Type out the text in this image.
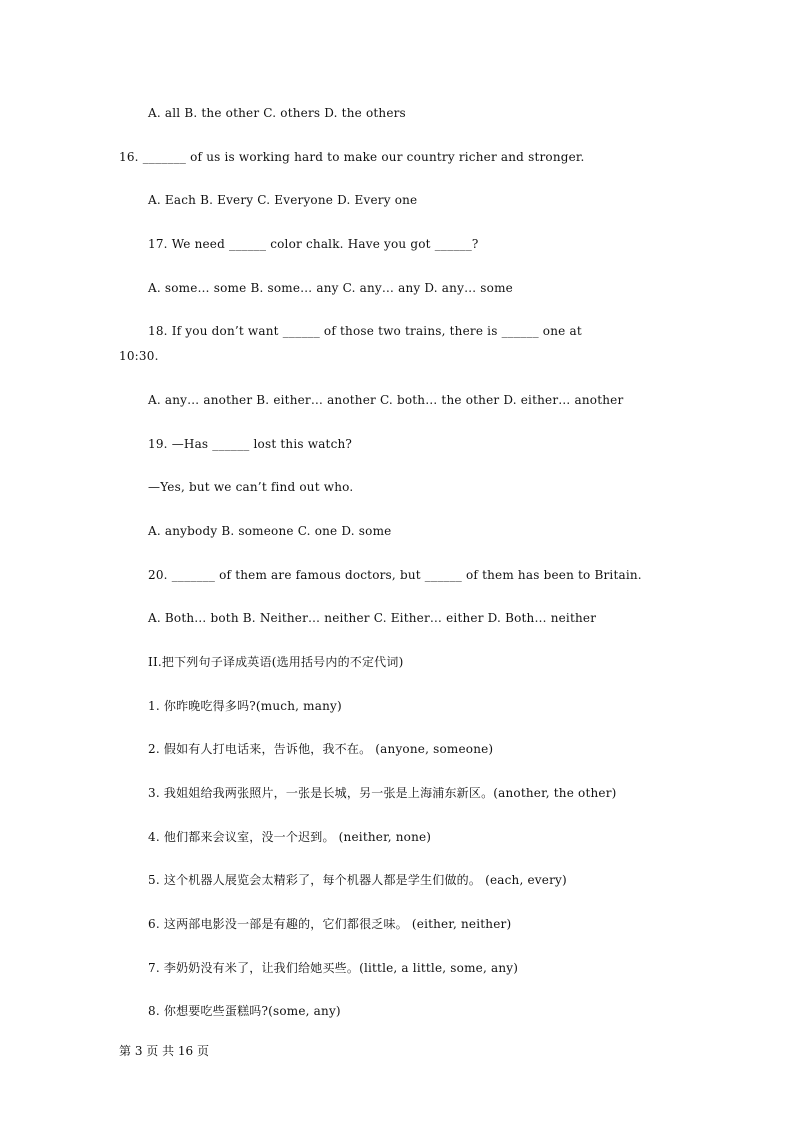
A. all B. the other C. others D. the others
16. _______ of us is working hard to make our country richer and stronger.
A. Each B. Every C. Everyone D. Every one
17. We need ______ color chalk. Have you got ______?
A. some… some B. some… any C. any… any D. any… some
18. If you don’t want ______ of those two trains, there is ______ one at
10:30.
A. any… another B. either… another C. both… the other D. either… another
19. —Has ______ lost this watch?
—Yes, but we can’t find out who.
A. anybody B. someone C. one D. some
20. _______ of them are famous doctors, but ______ of them has been to Britain.
A. Both… both B. Neither… neither C. Either… either D. Both… neither
II.把下列句子译成英语(选用括号内的不定代词)
1. 你昨晚吃得多吗?(much, many)
2. 假如有人打电话来，告诉他，我不在。 (anyone, someone)
3. 我姐姐给我两张照片，一张是长城，另一张是上海浦东新区。(another, the other)
4. 他们都来会议室，没一个迟到。 (neither, none)
5. 这个机器人展览会太精彩了，每个机器人都是学生们做的。 (each, every)
6. 这两部电影没一部是有趣的，它们都很乏味。 (either, neither)
7. 李奶奶没有米了，让我们给她买些。(little, a little, some, any)
8. 你想要吃些蛋糕吗?(some, any)
第 3 页 共 16 页
